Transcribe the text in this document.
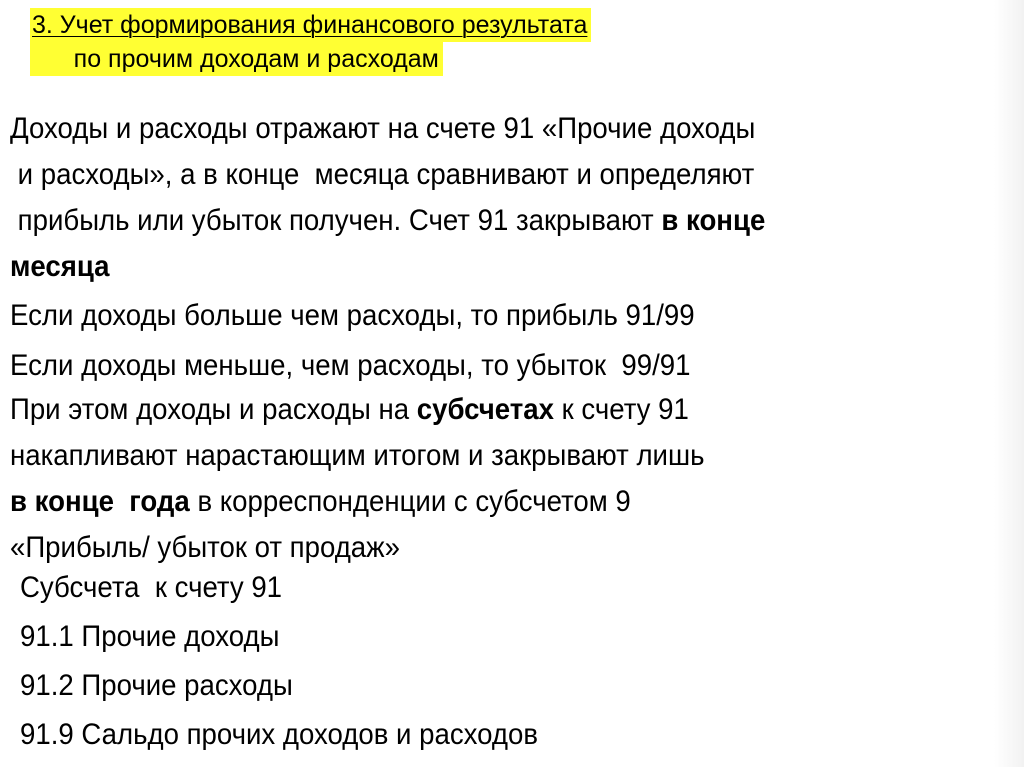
3. Учет формирования финансового результата
по прочим доходам и расходам
Доходы и расходы отражают на счете 91 «Прочие доходы
и расходы», а в конце  месяца сравнивают и определяют
прибыль или убыток получен. Счет 91 закрывают в конце
месяца
Если доходы больше чем расходы, то прибыль 91/99
Если доходы меньше, чем расходы, то убыток  99/91
При этом доходы и расходы на субсчетах к счету 91
накапливают нарастающим итогом и закрывают лишь
в конце  года в корреспонденции с субсчетом 9
«Прибыль/ убыток от продаж»
Субсчета  к счету 91
91.1 Прочие доходы
91.2 Прочие расходы
91.9 Сальдо прочих доходов и расходов
